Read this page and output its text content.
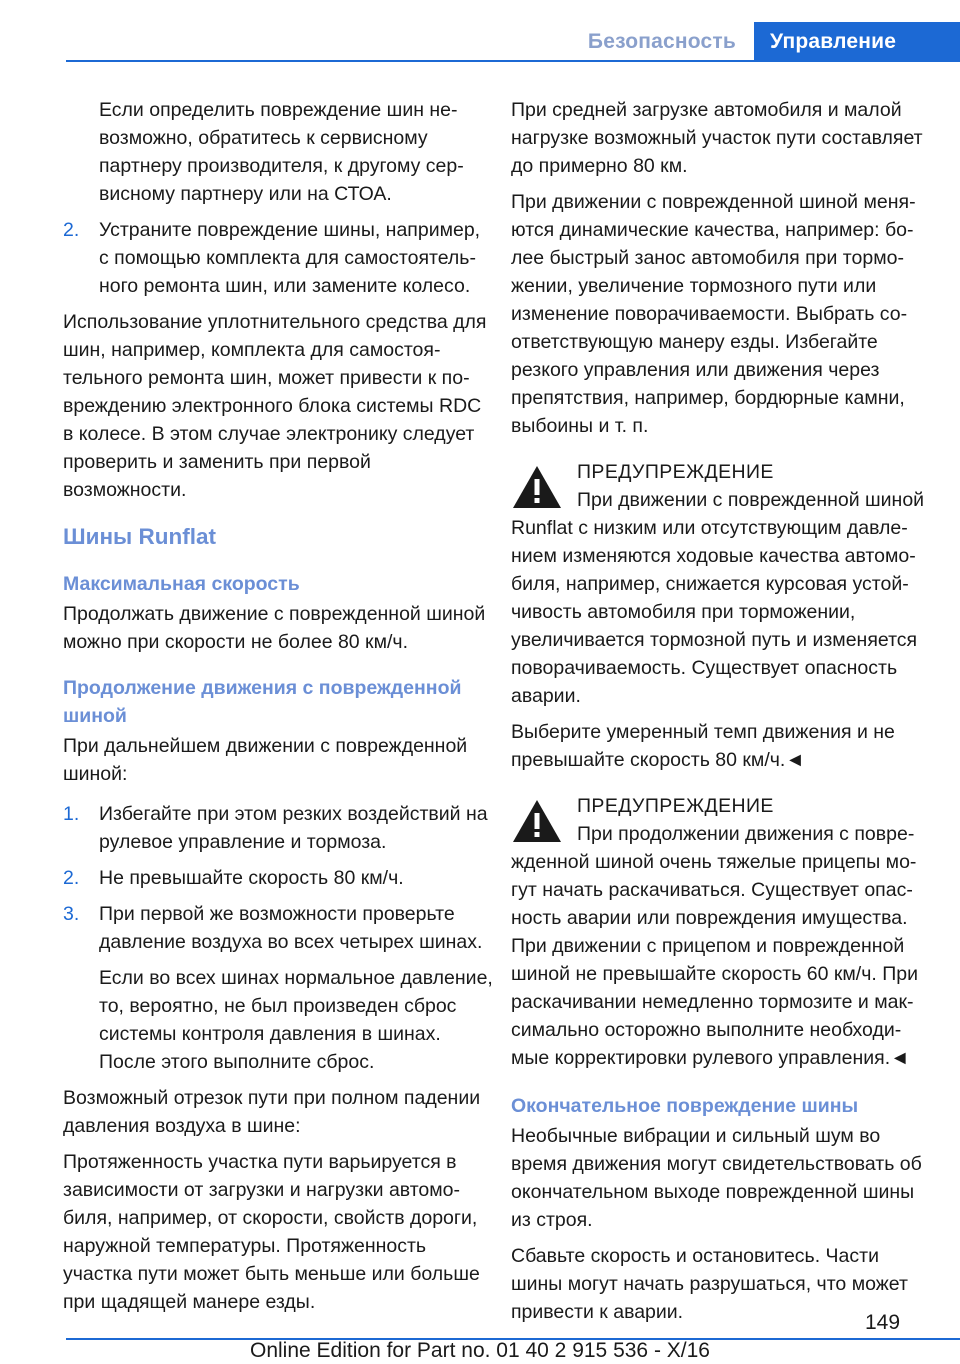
Безопасность	Управление

Если определить повреждение шин невозможно, обратитесь к сервисному партнеру производителя, к другому сервисному партнеру или на СТОА.

2.	Устраните повреждение шины, например, с помощью комплекта для самостоятельного ремонта шин, или замените колесо.

Использование уплотнительного средства для шин, например, комплекта для самостоятельного ремонта шин, может привести к повреждению электронного блока системы RDC в колесе. В этом случае электронику следует проверить и заменить при первой возможности.

Шины Runflat
Максимальная скорость

Продолжать движение с поврежденной шиной можно при скорости не более 80 км/ч.

Продолжение движения с поврежденной шиной

При дальнейшем движении с поврежденной шиной:

1.	Избегайте при этом резких воздействий на рулевое управление и тормоза.

2.	Не превышайте скорость 80 км/ч.

3.	При первой же возможности проверьте давление воздуха во всех четырех шинах.

Если во всех шинах нормальное давление, то, вероятно, не был произведен сброс системы контроля давления в шинах. После этого выполните сброс.

Возможный отрезок пути при полном падении давления воздуха в шине:

Протяженность участка пути варьируется в зависимости от загрузки и нагрузки автомобиля, например, от скорости, свойств дороги, наружной температуры. Протяженность участка пути может быть меньше или больше при щадящей манере езды.

При средней загрузке автомобиля и малой нагрузке возможный участок пути составляет до примерно 80 км.

При движении с поврежденной шиной меняются динамические качества, например: более быстрый занос автомобиля при торможении, увеличение тормозного пути или изменение поворачиваемости. Выбрать соответствующую манеру езды. Избегайте резкого управления или движения через препятствия, например, бордюрные камни, выбоины и т. п.

ПРЕДУПРЕЖДЕНИЕ

При движении с поврежденной шиной Runflat с низким или отсутствующим давлением изменяются ходовые качества автомобиля, например, снижается курсовая устойчивость автомобиля при торможении, увеличивается тормозной путь и изменяется поворачиваемость. Существует опасность аварии.

Выберите умеренный темп движения и не превышайте скорость 80 км/ч.◄

ПРЕДУПРЕЖДЕНИЕ

При продолжении движения с поврежденной шиной очень тяжелые прицепы могут начать раскачиваться. Существует опасность аварии или повреждения имущества. При движении с прицепом и поврежденной шиной не превышайте скорость 60 км/ч. При раскачивании немедленно тормозите и максимально осторожно выполните необходимые корректировки рулевого управления.◄

Окончательное повреждение шины

Необычные вибрации и сильный шум во время движения могут свидетельствовать об окончательном выходе поврежденной шины из строя.

Сбавьте скорость и остановитесь. Части шины могут начать разрушаться, что может привести к аварии.	149
Online Edition for Part no. 01 40 2 915 536 - X/16
